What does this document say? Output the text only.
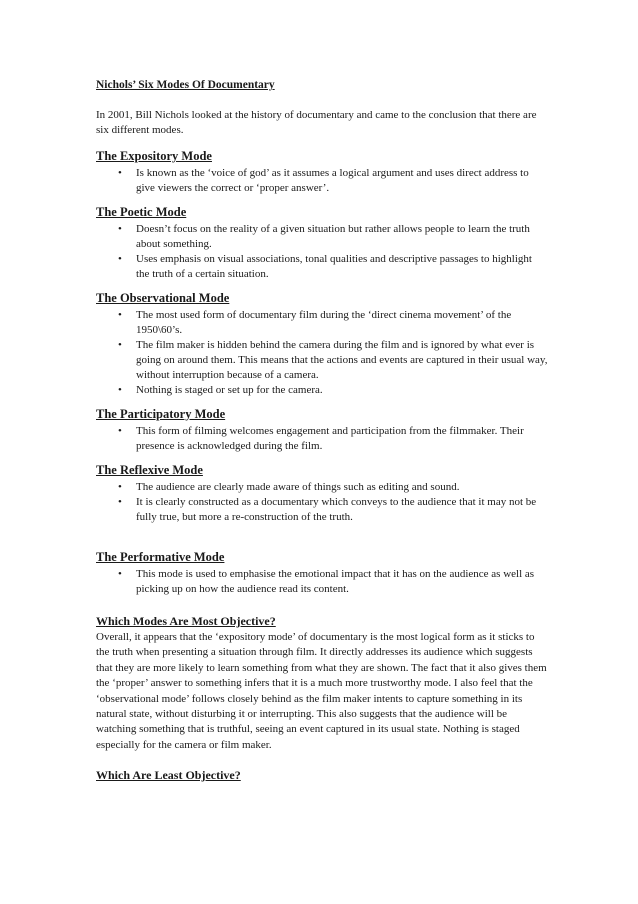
Nichols’ Six Modes Of Documentary

In 2001, Bill Nichols looked at the history of documentary and came to the conclusion that there are six different modes.

The Expository Mode
• Is known as the ‘voice of god’ as it assumes a logical argument and uses direct address to give viewers the correct or ‘proper answer’.
The Poetic Mode
• Doesn’t focus on the reality of a given situation but rather allows people to learn the truth about something.
• Uses emphasis on visual associations, tonal qualities and descriptive passages to highlight the truth of a certain situation.
The Observational Mode
• The most used form of documentary film during the ‘direct cinema movement’ of the 1950\60’s.
• The film maker is hidden behind the camera during the film and is ignored by what ever is going on around them. This means that the actions and events are captured in their usual way, without interruption because of a camera.
• Nothing is staged or set up for the camera.
The Participatory Mode
• This form of filming welcomes engagement and participation from the filmmaker. Their presence is acknowledged during the film.
The Reflexive Mode
• The audience are clearly made aware of things such as editing and sound.
• It is clearly constructed as a documentary which conveys to the audience that it may not be fully true, but more a re-construction of the truth.
The Performative Mode
• This mode is used to emphasise the emotional impact that it has on the audience as well as picking up on how the audience read its content.
Which Modes Are Most Objective?

Overall, it appears that the ‘expository mode’ of documentary is the most logical form as it sticks to the truth when presenting a situation through film. It directly addresses its audience which suggests that they are more likely to learn something from what they are shown. The fact that it also gives them the ‘proper’ answer to something infers that it is a much more trustworthy mode. I also feel that the ‘observational mode’ follows closely behind as the film maker intents to capture something in its natural state, without disturbing it or interrupting. This also suggests that the audience will be watching something that is truthful, seeing an event captured in its usual state. Nothing is staged especially for the camera or film maker.

Which Are Least Objective?
